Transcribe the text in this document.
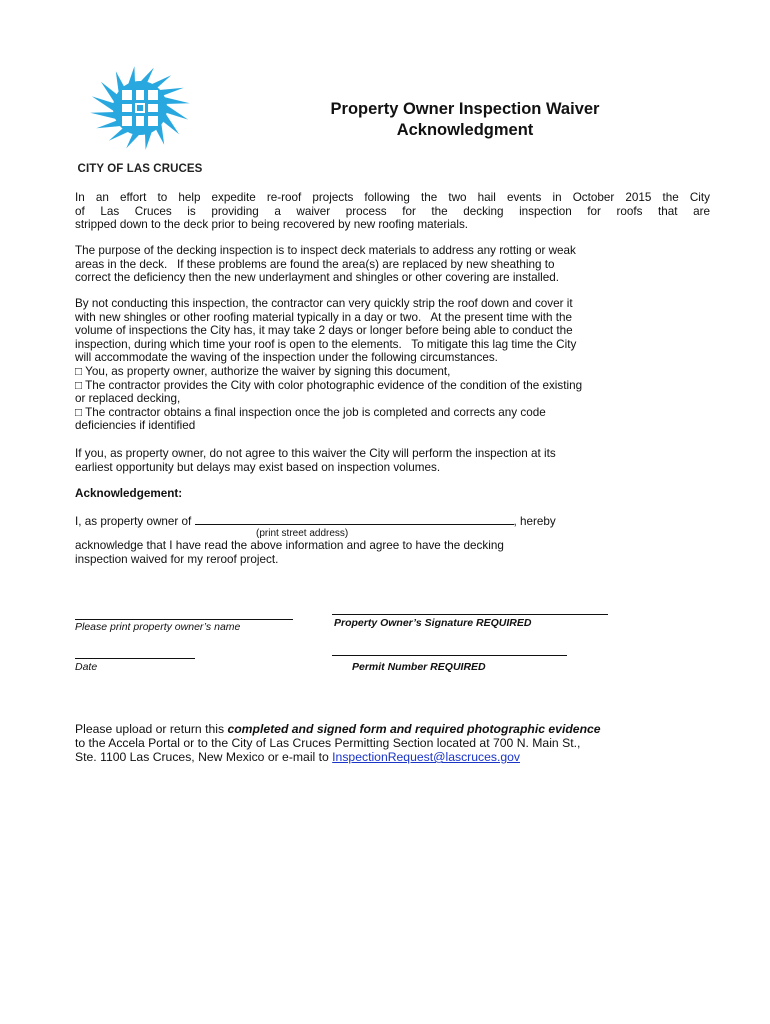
CITY OF LAS CRUCES
Property Owner Inspection Waiver
Acknowledgment
In an effort to help expedite re-roof projects following the two hail events in October 2015 the City
of Las Cruces is providing a waiver process for the decking inspection for roofs that are
stripped down to the deck prior to being recovered by new roofing materials.
The purpose of the decking inspection is to inspect deck materials to address any rotting or weak
areas in the deck.   If these problems are found the area(s) are replaced by new sheathing to
correct the deficiency then the new underlayment and shingles or other covering are installed.
By not conducting this inspection, the contractor can very quickly strip the roof down and cover it
with new shingles or other roofing material typically in a day or two.   At the present time with the
volume of inspections the City has, it may take 2 days or longer before being able to conduct the
inspection, during which time your roof is open to the elements.   To mitigate this lag time the City
will accommodate the waving of the inspection under the following circumstances.
□ You, as property owner, authorize the waiver by signing this document,
□ The contractor provides the City with color photographic evidence of the condition of the existing
or replaced decking,
□ The contractor obtains a final inspection once the job is completed and corrects any code
deficiencies if identified
If you, as property owner, do not agree to this waiver the City will perform the inspection at its
earliest opportunity but delays may exist based on inspection volumes.
Acknowledgement:
I, as property owner of	, hereby
(print street address)
acknowledge that I have read the above information and agree to have the decking
inspection waived for my reroof project.
Please print property owner’s name	Property Owner’s Signature REQUIRED
Date	Permit Number REQUIRED
Please upload or return this completed and signed form and required photographic evidence
to the Accela Portal or to the City of Las Cruces Permitting Section located at 700 N. Main St.,
Ste. 1100 Las Cruces, New Mexico or e-mail to InspectionRequest@lascruces.gov
